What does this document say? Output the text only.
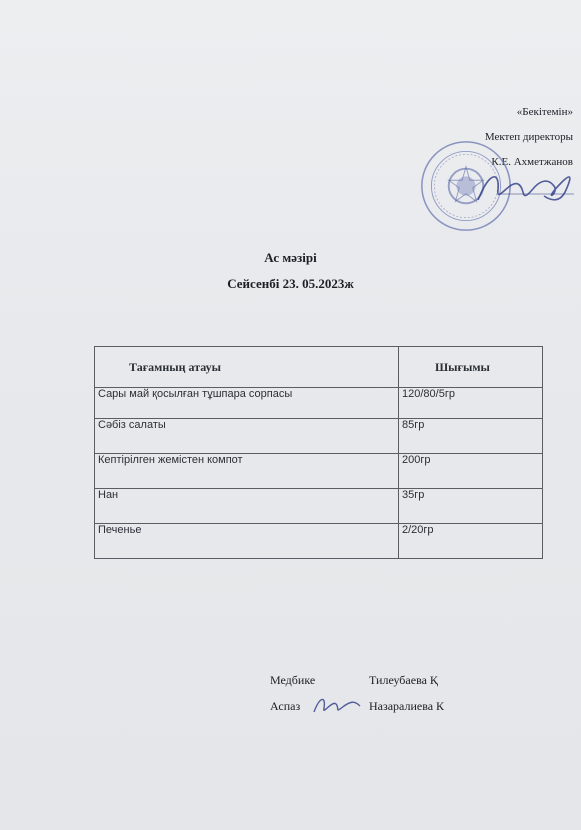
«Бекітемін»
Мектеп директоры
К.Е. Ахметжанов
Ас мәзірі
Сейсенбі 23. 05.2023ж
Тағамның атауы	Шығымы
Сары май қосылған тұшпара сорпасы	120/80/5гр
Сәбіз салаты	85гр
Кептірілген жемістен компот	200гр
Нан	35гр
Печенье	2/20гр
Медбике	Тилеубаева Қ
Аспаз	Назаралиева К
